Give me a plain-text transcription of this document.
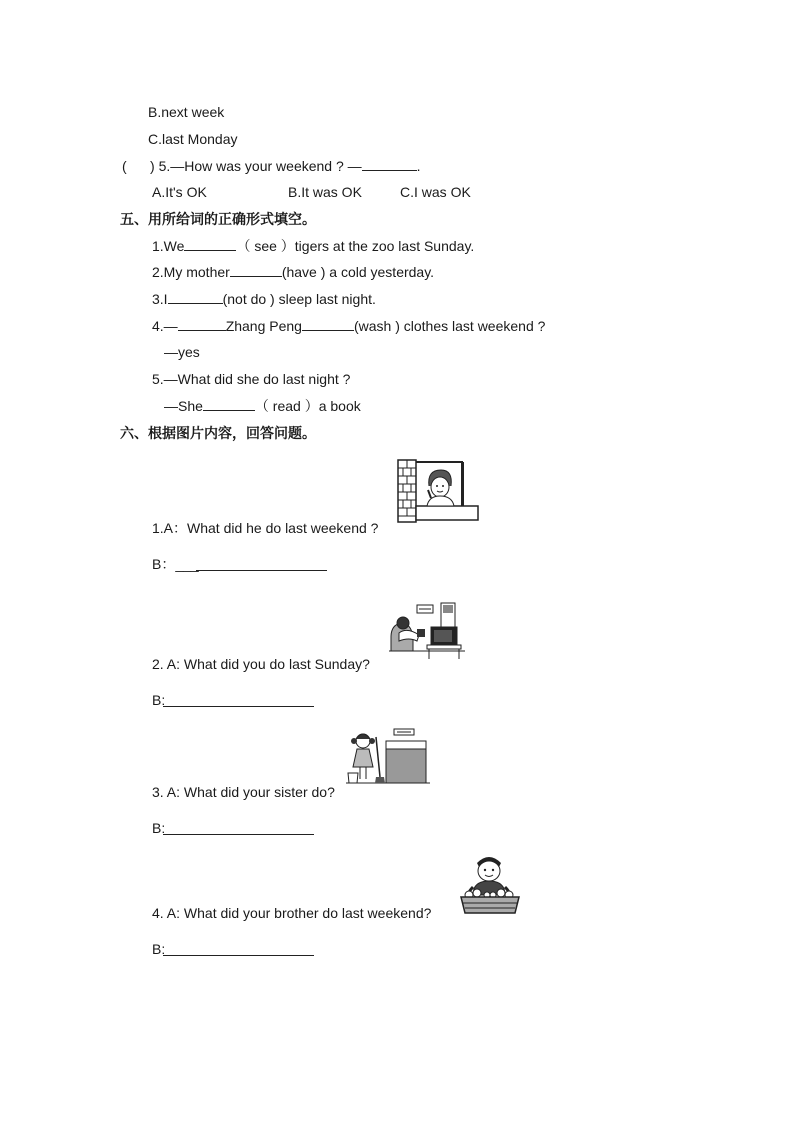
B.next week
C.last Monday
(      ) 5.—How was your weekend ? —	.
A.It's OK	B.It was OK	C.I was OK
五、用所给词的正确形式填空。
1.We	（ see ）tigers at the zoo last Sunday.
2.My mother	(have ) a cold yesterday.
3.I	(not do ) sleep last night.
4.—	Zhang Peng	(wash ) clothes last weekend ?
—yes
5.—What did she do last night ?
—She	（ read ）a book
六、根据图片内容，回答问题。
1.A：What did he do last weekend ?
B：___
2. A: What did you do last Sunday?
B:
3. A: What did your sister do?
B:
4. A: What did your brother do last weekend?
B:
